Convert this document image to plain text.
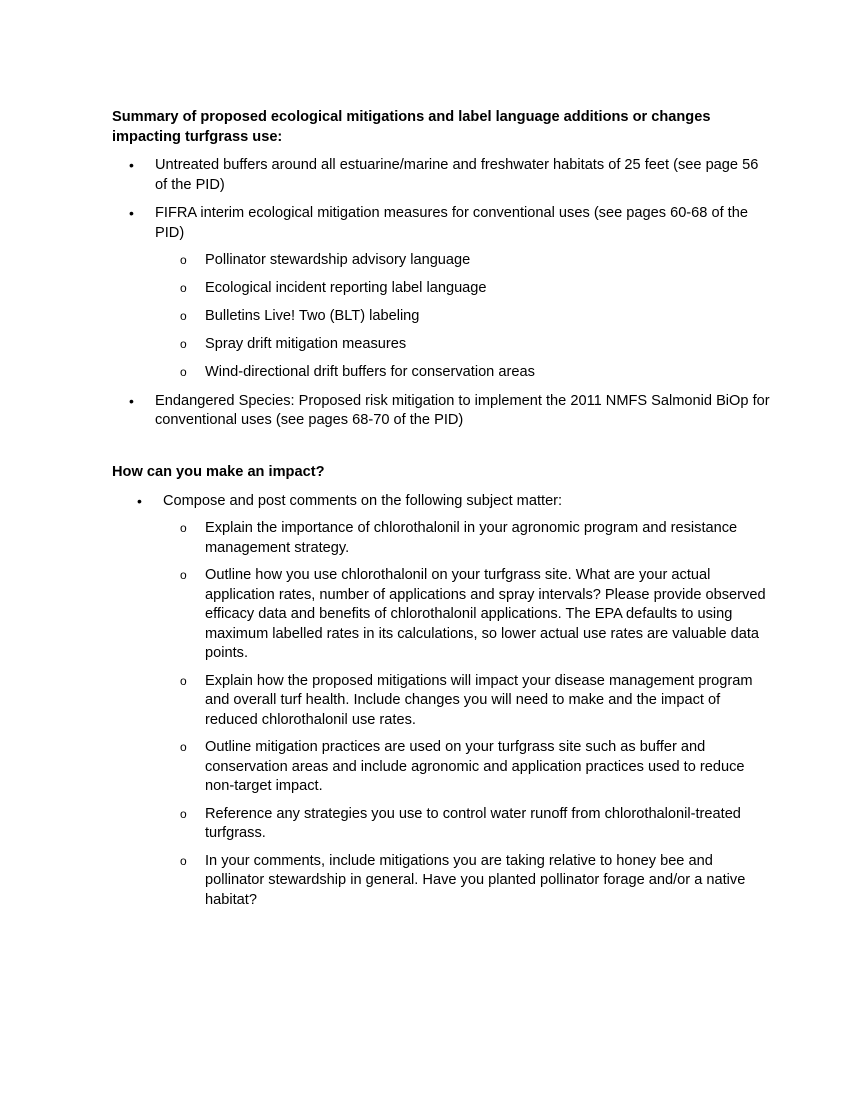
Summary of proposed ecological mitigations and label language additions or changes impacting turfgrass use:

• Untreated buffers around all estuarine/marine and freshwater habitats of 25 feet (see page 56 of the PID)
• FIFRA interim ecological mitigation measures for conventional uses (see pages 60-68 of the PID)
o Pollinator stewardship advisory language
o Ecological incident reporting label language
o Bulletins Live! Two (BLT) labeling
o Spray drift mitigation measures
o Wind-directional drift buffers for conservation areas
• Endangered Species: Proposed risk mitigation to implement the 2011 NMFS Salmonid BiOp for conventional uses (see pages 68-70 of the PID)

How can you make an impact?

• Compose and post comments on the following subject matter:
o Explain the importance of chlorothalonil in your agronomic program and resistance management strategy.
o Outline how you use chlorothalonil on your turfgrass site. What are your actual application rates, number of applications and spray intervals? Please provide observed efficacy data and benefits of chlorothalonil applications. The EPA defaults to using maximum labelled rates in its calculations, so lower actual use rates are valuable data points.
o Explain how the proposed mitigations will impact your disease management program and overall turf health. Include changes you will need to make and the impact of reduced chlorothalonil use rates.
o Outline mitigation practices are used on your turfgrass site such as buffer and conservation areas and include agronomic and application practices used to reduce non-target impact.
o Reference any strategies you use to control water runoff from chlorothalonil-treated turfgrass.
o In your comments, include mitigations you are taking relative to honey bee and pollinator stewardship in general. Have you planted pollinator forage and/or a native habitat?
